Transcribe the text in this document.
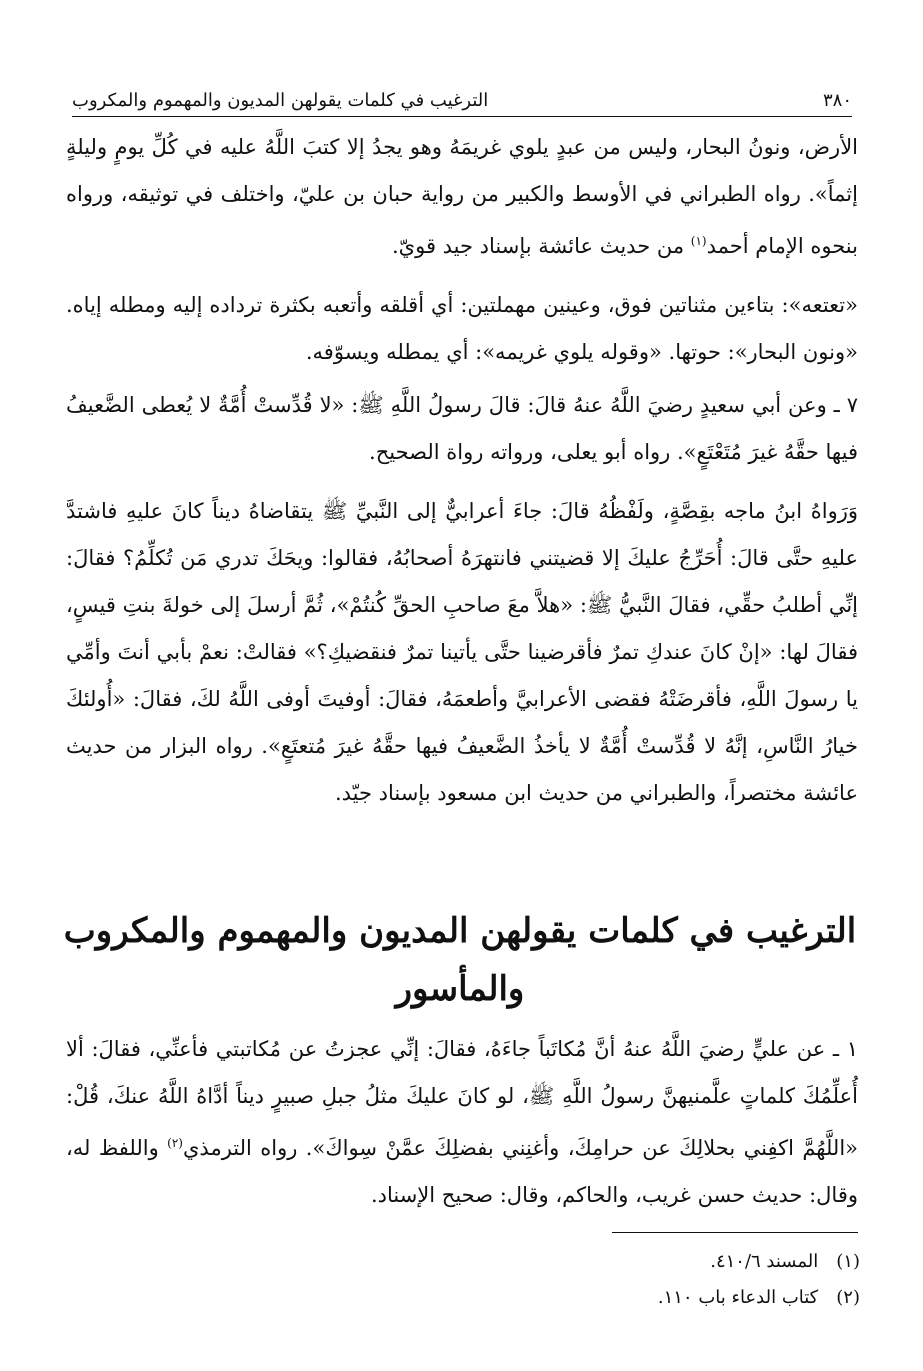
٣٨٠
الترغيب في كلمات يقولهن المديون والمهموم والمكروب

الأرض، ونونُ البحار، وليس من عبدٍ يلوي غريمَهُ وهو يجدُ إلا كتبَ اللَّهُ عليه في كُلِّ يومٍ وليلةٍ إثماً». رواه الطبراني في الأوسط والكبير من رواية حبان بن عليّ، واختلف في توثيقه، ورواه بنحوه الإمام أحمد$^{(١)}$ من حديث عائشة بإسناد جيد قويّ.

«تعتعه»: بتاءين مثناتين فوق، وعينين مهملتين: أي أقلقه وأتعبه بكثرة ترداده إليه ومطله إياه. «ونون البحار»: حوتها. «وقوله يلوي غريمه»: أي يمطله ويسوّفه.

٧ ـ وعن أبي سعيدٍ رضيَ اللَّهُ عنهُ قالَ: قالَ رسولُ اللَّهِ ﷺ: «لا قُدِّستْ أُمَّةٌ لا يُعطى الضَّعيفُ فيها حقَّهُ غيرَ مُتَعْتَعٍ». رواه أبو يعلى، ورواته رواة الصحيح.

وَرَواهُ ابنُ ماجه بقِصَّةٍ، ولَفْظُهُ قالَ: جاءَ أعرابيٌّ إلى النَّبيِّ ﷺ يتقاضاهُ ديناً كانَ عليهِ فاشتدَّ عليهِ حتَّى قالَ: أُحَرِّجُ عليكَ إلا قضيتني فانتهرَهُ أصحابُهُ، فقالوا: ويحَكَ تدري مَن تُكلِّمُ؟ فقالَ: إنِّي أطلبُ حقِّي، فقالَ النَّبيُّ ﷺ: «هلاَّ معَ صاحبِ الحقِّ كُنتُمْ»، ثُمَّ أرسلَ إلى خولةَ بنتِ قيسٍ، فقالَ لها: «إنْ كانَ عندكِ تمرٌ فأقرضينا حتَّى يأتينا تمرٌ فنقضيكِ؟» فقالتْ: نعمْ بأبي أنتَ وأمِّي يا رسولَ اللَّهِ، فأقرضَتْهُ فقضى الأعرابيَّ وأطعمَهُ، فقالَ: أوفيتَ أوفى اللَّهُ لكَ، فقالَ: «أُولئكَ خيارُ النَّاسِ، إنَّهُ لا قُدِّستْ أُمَّةٌ لا يأخذُ الضَّعيفُ فيها حقَّهُ غيرَ مُتعتَعٍ». رواه البزار من حديث عائشة مختصراً، والطبراني من حديث ابن مسعود بإسناد جيّد.

الترغيب في كلمات يقولهن المديون والمهموم والمكروب والمأسور

١ ـ عن عليٍّ رضيَ اللَّهُ عنهُ أنَّ مُكاتَباً جاءَهُ، فقالَ: إنِّي عجزتُ عن مُكاتبتي فأعنِّي، فقالَ: ألا أُعلِّمُكَ كلماتٍ علَّمنيهنَّ رسولُ اللَّهِ ﷺ، لو كانَ عليكَ مثلُ جبلِ صبيرٍ ديناً أدَّاهُ اللَّهُ عنكَ، قُلْ: «اللَّهُمَّ اكفِني بحلالِكَ عن حرامِكَ، وأغنِني بفضلِكَ عمَّنْ سِواكَ». رواه الترمذي$^{(٢)}$ واللفظ له، وقال: حديث حسن غريب، والحاكم، وقال: صحيح الإسناد.

(١)
المسند ٤١٠/٦.
(٢)
كتاب الدعاء باب ١١٠.
